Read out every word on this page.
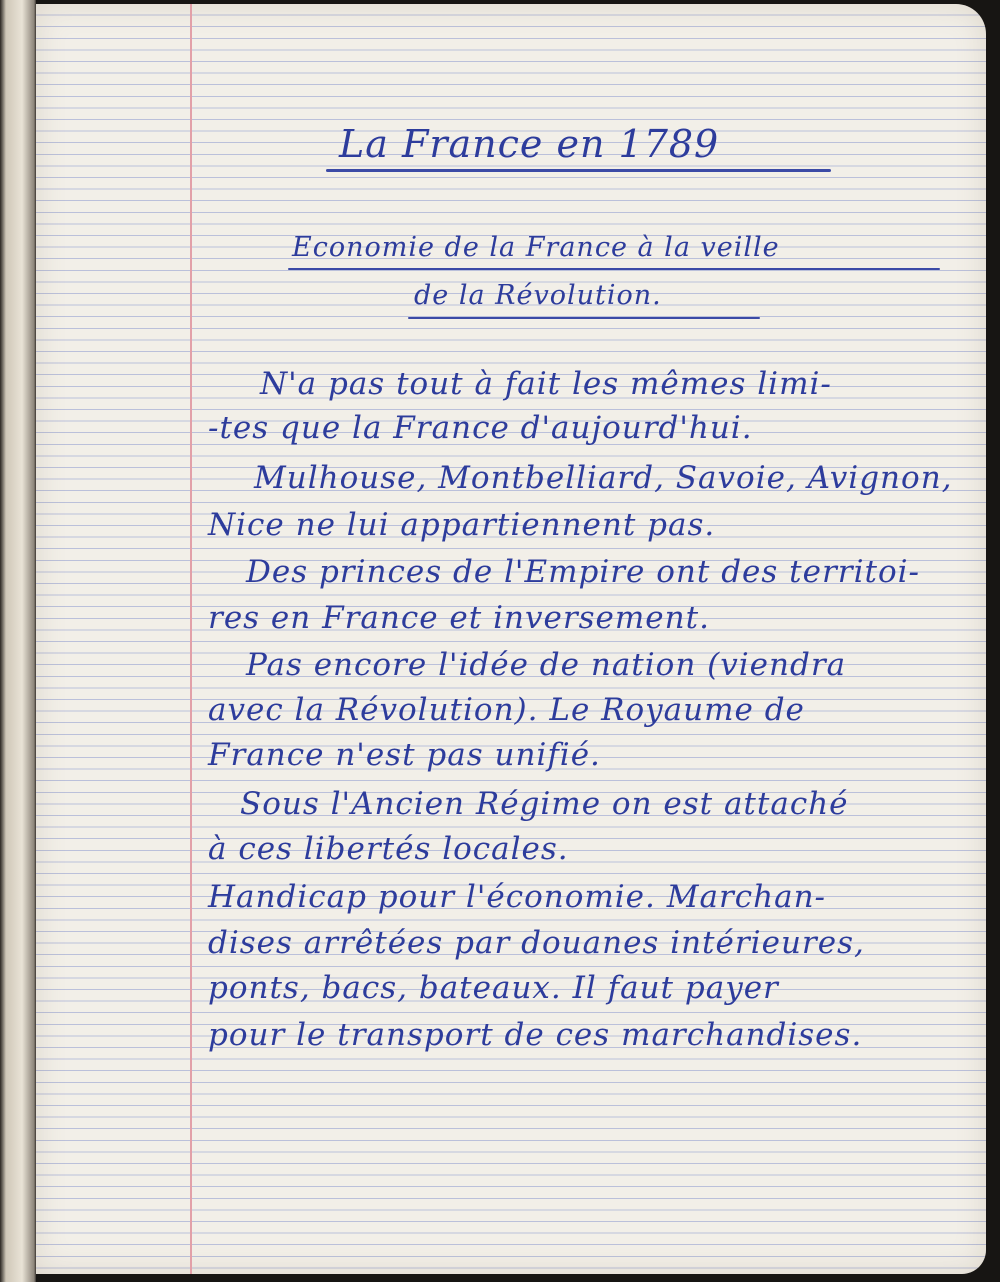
La France en 1789
Economie de la France à la veille
de la Révolution.
N'a pas tout à fait les mêmes limi-
-tes que la France d'aujourd'hui.
Mulhouse, Montbelliard, Savoie, Avignon,
Nice ne lui appartiennent pas.
Des princes de l'Empire ont des territoi-
res en France et inversement.
Pas encore l'idée de nation (viendra
avec la Révolution). Le Royaume de
France n'est pas unifié.
Sous l'Ancien Régime on est attaché
à ces libertés locales.
Handicap pour l'économie. Marchan-
dises arrêtées par douanes intérieures,
ponts, bacs, bateaux. Il faut payer
pour le transport de ces marchandises.
